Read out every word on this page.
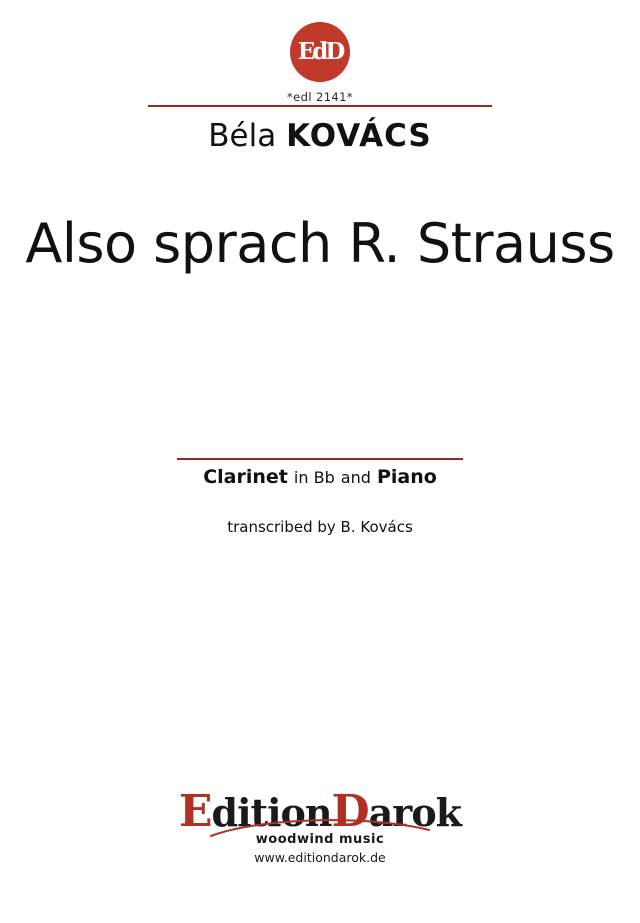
EdD
*edl 2141*
Béla KOVÁCS
Also sprach R. Strauss
Clarinet in Bb and Piano
transcribed by B. Kovács
EditionDarok
woodwind music
www.editiondarok.de
